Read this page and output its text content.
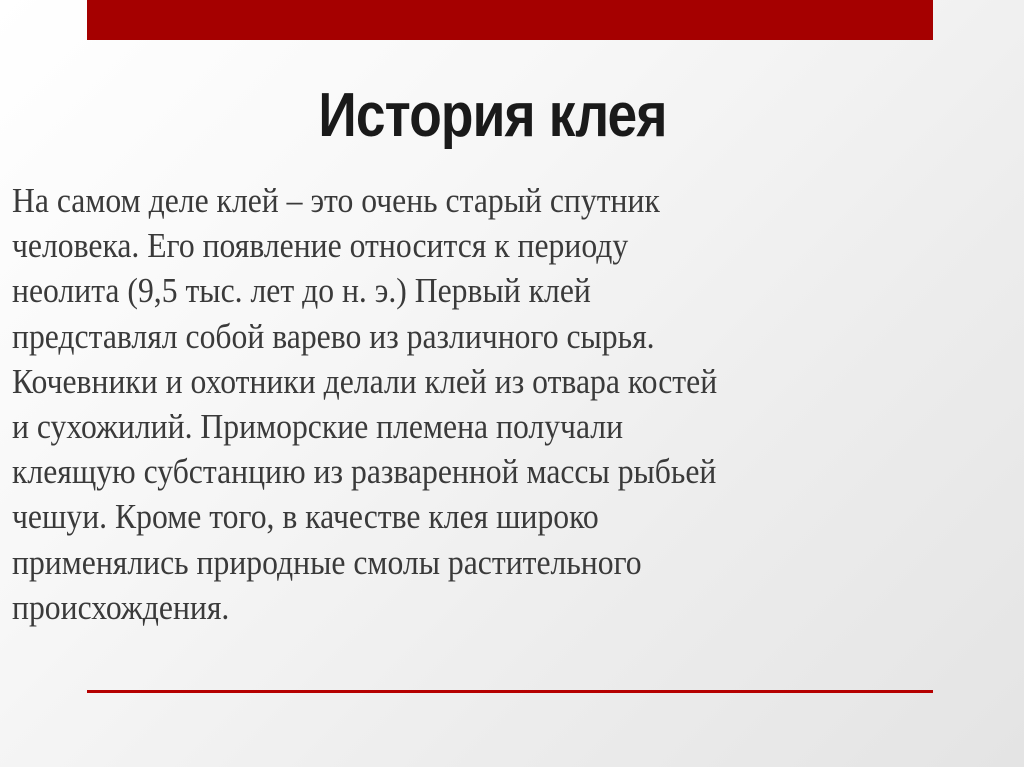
История клея
На самом деле клей – это очень старый спутник
человека. Его появление относится к периоду
неолита (9,5 тыс. лет до н. э.) Первый клей
представлял собой варево из различного сырья.
Кочевники и охотники делали клей из отвара костей
и сухожилий. Приморские племена получали
клеящую субстанцию из разваренной массы рыбьей
чешуи. Кроме того, в качестве клея широко
применялись природные смолы растительного
происхождения.
